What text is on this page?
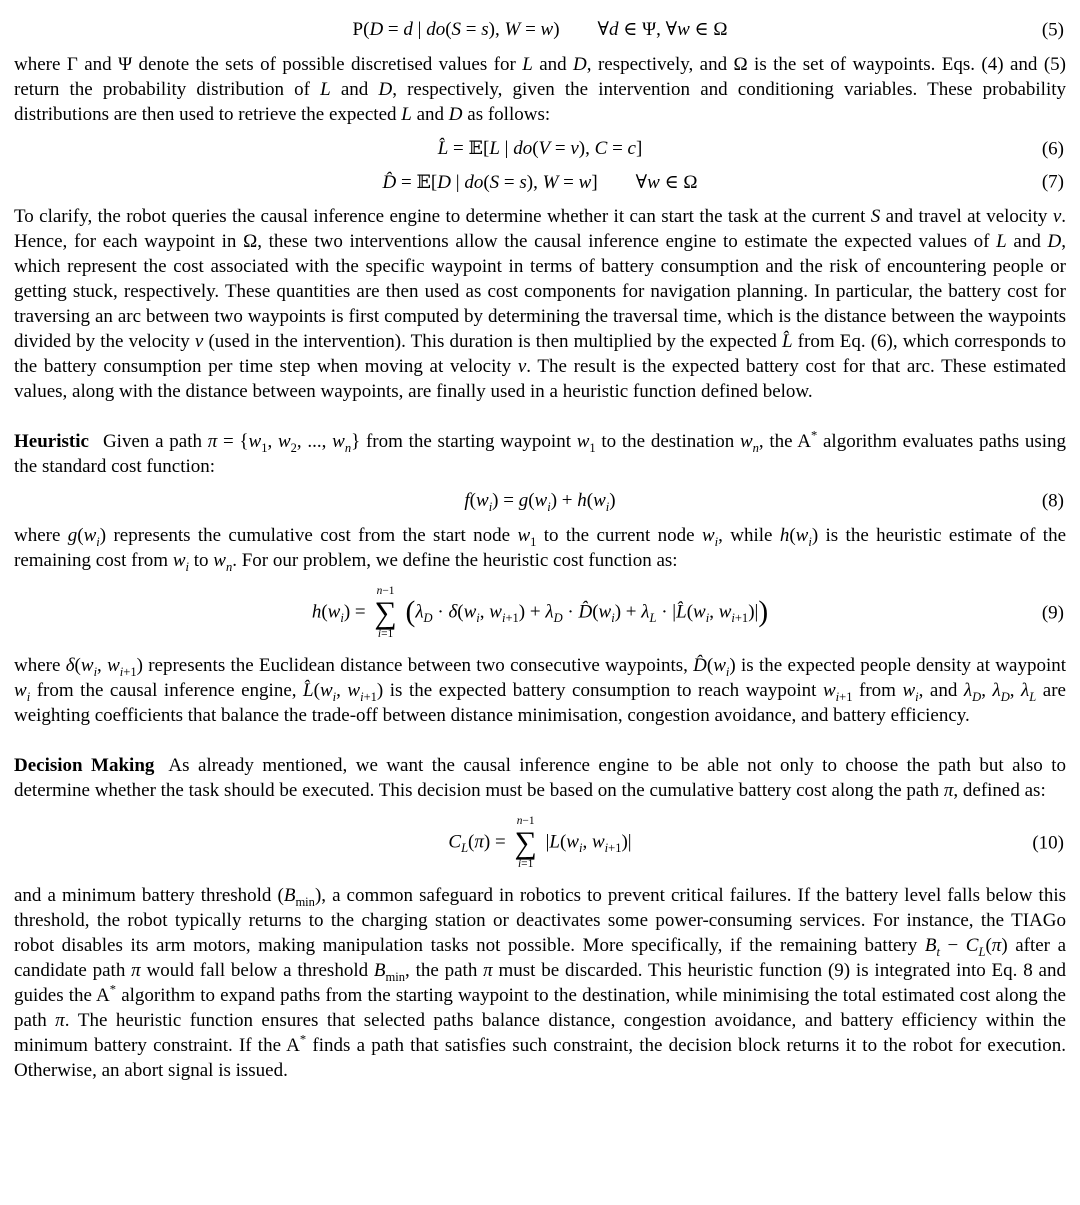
P(D = d | do(S = s), W = w)  ∀d ∈ Ψ, ∀w ∈ Ω	(5)

where Γ and Ψ denote the sets of possible discretised values for L and D, respectively, and Ω is the set of waypoints. Eqs. (4) and (5) return the probability distribution of L and D, respectively, given the intervention and conditioning variables. These probability distributions are then used to retrieve the expected L and D as follows:

L̂ = 𝔼[L | do(V = v), C = c]	(6)
D̂ = 𝔼[D | do(S = s), W = w]  ∀w ∈ Ω	(7)

To clarify, the robot queries the causal inference engine to determine whether it can start the task at the current S and travel at velocity v. Hence, for each waypoint in Ω, these two interventions allow the causal inference engine to estimate the expected values of L and D, which represent the cost associated with the specific waypoint in terms of battery consumption and the risk of encountering people or getting stuck, respectively. These quantities are then used as cost components for navigation planning. In particular, the battery cost for traversing an arc between two waypoints is first computed by determining the traversal time, which is the distance between the waypoints divided by the velocity v (used in the intervention). This duration is then multiplied by the expected L̂ from Eq. (6), which corresponds to the battery consumption per time step when moving at velocity v. The result is the expected battery cost for that arc. These estimated values, along with the distance between waypoints, are finally used in a heuristic function defined below.

Heuristic Given a path $\pi = \{w_1$, $w_2$, ..., $w_n$} from the starting waypoint $w_1$ to the destination $w_n$, the A* algorithm evaluates paths using the standard cost function:

$f(w_i) = g(w_i) + h(w_i)$	(8)

where $g(w_i)$ represents the cumulative cost from the start node $w_1$ to the current node $w_i$, while $h(w_i)$ is the heuristic estimate of the remaining cost from $w_i$ to $w_n$. For our problem, we define the heuristic cost function as:

$h(w_i)$ =
n−1
∑
i=1
($\lambda_D \cdot \delta(w_i$, $w_{i+1}) + \lambda_D$ · $D̂(w_i) + \lambda_L$ · $|L̂(w_i$, $w_{i+1})|$)	(9)

where $\delta(w_i$, $w_{i+1}$) represents the Euclidean distance between two consecutive waypoints, $D̂(w_i)$ is the expected people density at waypoint $w_i$ from the causal inference engine, $L̂(w_i$, $w_{i+1}$) is the expected battery consumption to reach waypoint $w_{i+1}$ from $w_i$, and $\lambda_D$, $\lambda_D$, $\lambda_L$ are weighting coefficients that balance the trade-off between distance minimisation, congestion avoidance, and battery efficiency.

Decision Making As already mentioned, we want the causal inference engine to be able not only to choose the path but also to determine whether the task should be executed. This decision must be based on the cumulative battery cost along the path π, defined as:

$C_L(\pi)$ =
n−1
∑
i=1
$|L(w_i$, $w_{i+1})|$	(10)

and a minimum battery threshold $(B_{min})$, a common safeguard in robotics to prevent critical failures. If the battery level falls below this threshold, the robot typically returns to the charging station or deactivates some power-consuming services. For instance, the TIAGo robot disables its arm motors, making manipulation tasks not possible. More specifically, if the remaining battery $B_t - C_L(\pi)$ after a candidate path π would fall below a threshold $B_{min}$, the path π must be discarded. This heuristic function (9) is integrated into Eq. 8 and guides the A* algorithm to expand paths from the starting waypoint to the destination, while minimising the total estimated cost along the path π. The heuristic function ensures that selected paths balance distance, congestion avoidance, and battery efficiency within the minimum battery constraint. If the A* finds a path that satisfies such constraint, the decision block returns it to the robot for execution. Otherwise, an abort signal is issued.
